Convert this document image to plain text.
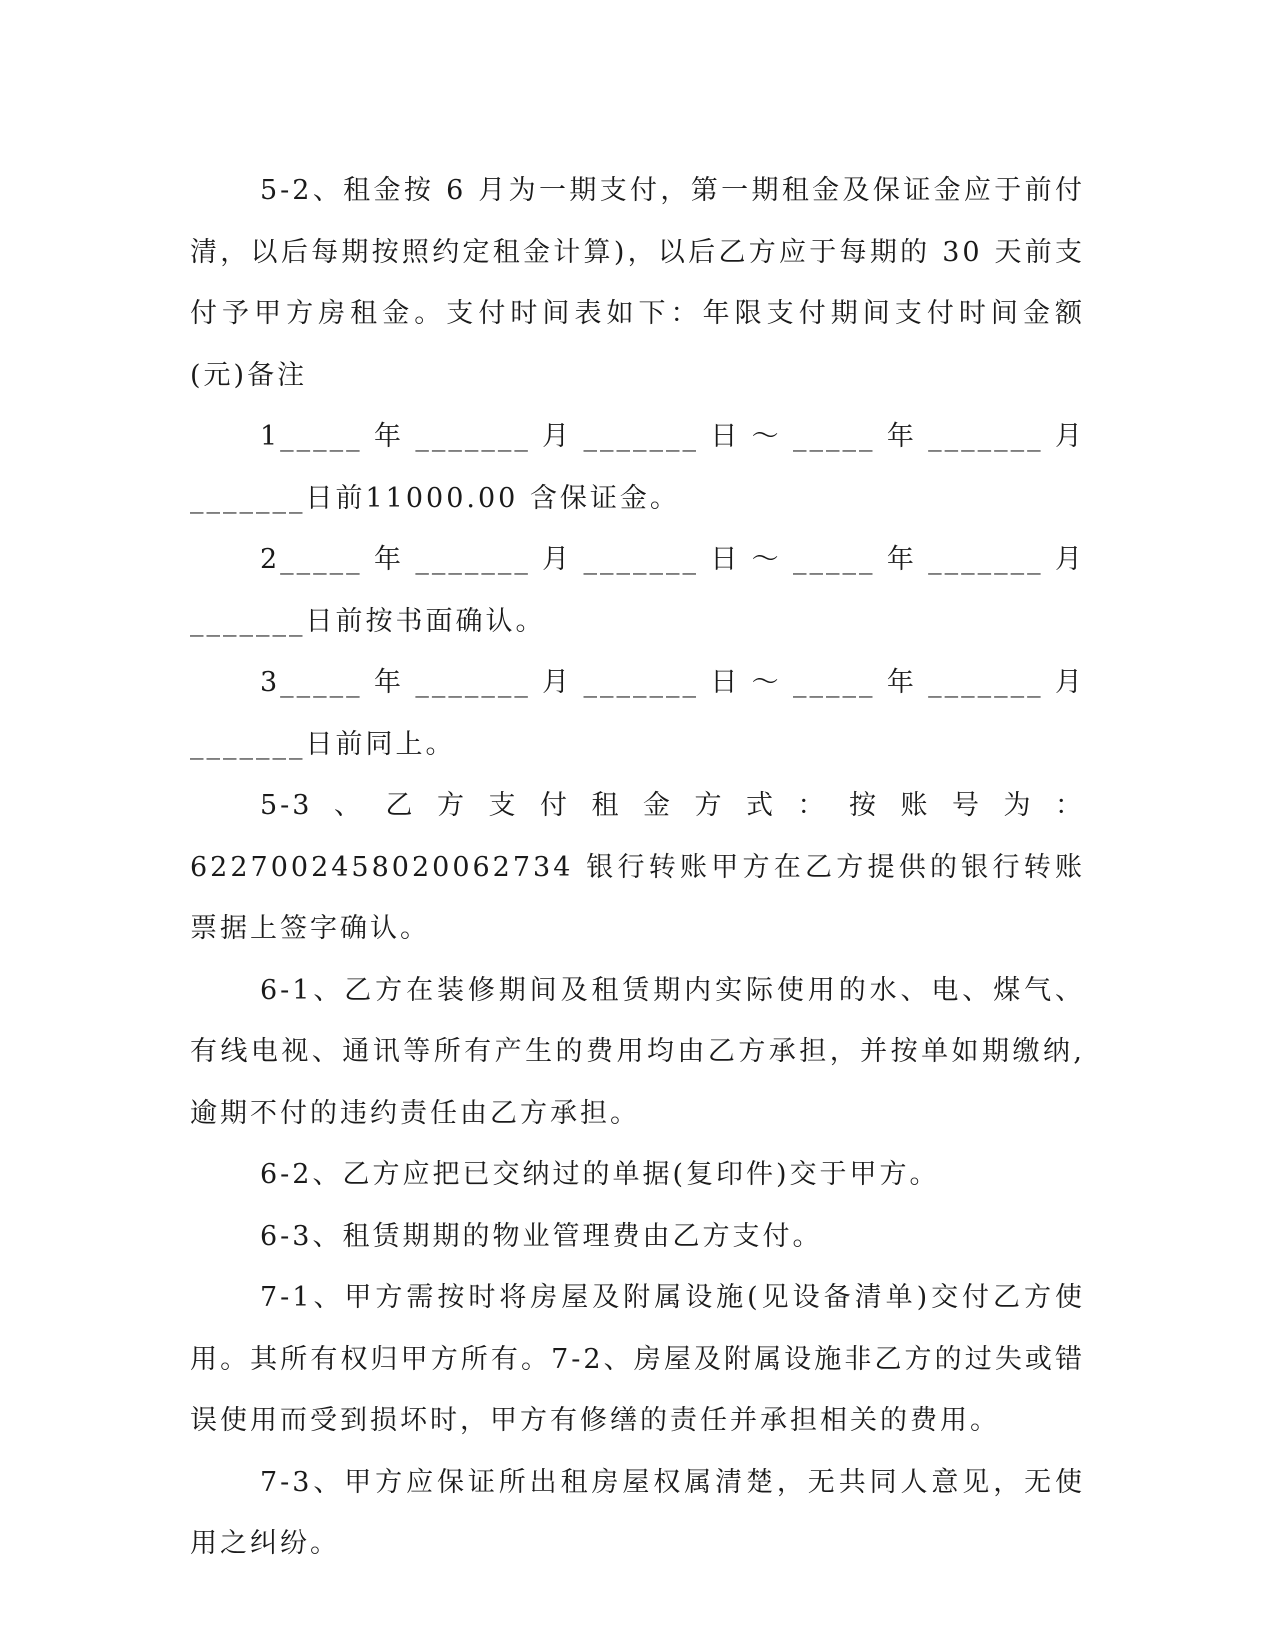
5-2、租金按 6 月为一期支付，第一期租金及保证金应于前付清，以后每期按照约定租金计算)，以后乙方应于每期的 30 天前支付予甲方房租金。支付时间表如下：年限支付期间支付时间金额(元)备注

1_____年_______月_______日～_____年_______月_______日前11000.00 含保证金。

2_____年_______月_______日～_____年_______月_______日前按书面确认。

3_____年_______月_______日～_____年_______月_______日前同上。

5-3、乙方支付租金方式：按账号为：6227002458020062734 银行转账甲方在乙方提供的银行转账票据上签字确认。

6-1、乙方在装修期间及租赁期内实际使用的水、电、煤气、有线电视、通讯等所有产生的费用均由乙方承担，并按单如期缴纳,逾期不付的违约责任由乙方承担。

6-2、乙方应把已交纳过的单据(复印件)交于甲方。

6-3、租赁期期的物业管理费由乙方支付。

7-1、甲方需按时将房屋及附属设施(见设备清单)交付乙方使用。其所有权归甲方所有。7-2、房屋及附属设施非乙方的过失或错误使用而受到损坏时，甲方有修缮的责任并承担相关的费用。

7-3、甲方应保证所出租房屋权属清楚，无共同人意见，无使用之纠纷。
